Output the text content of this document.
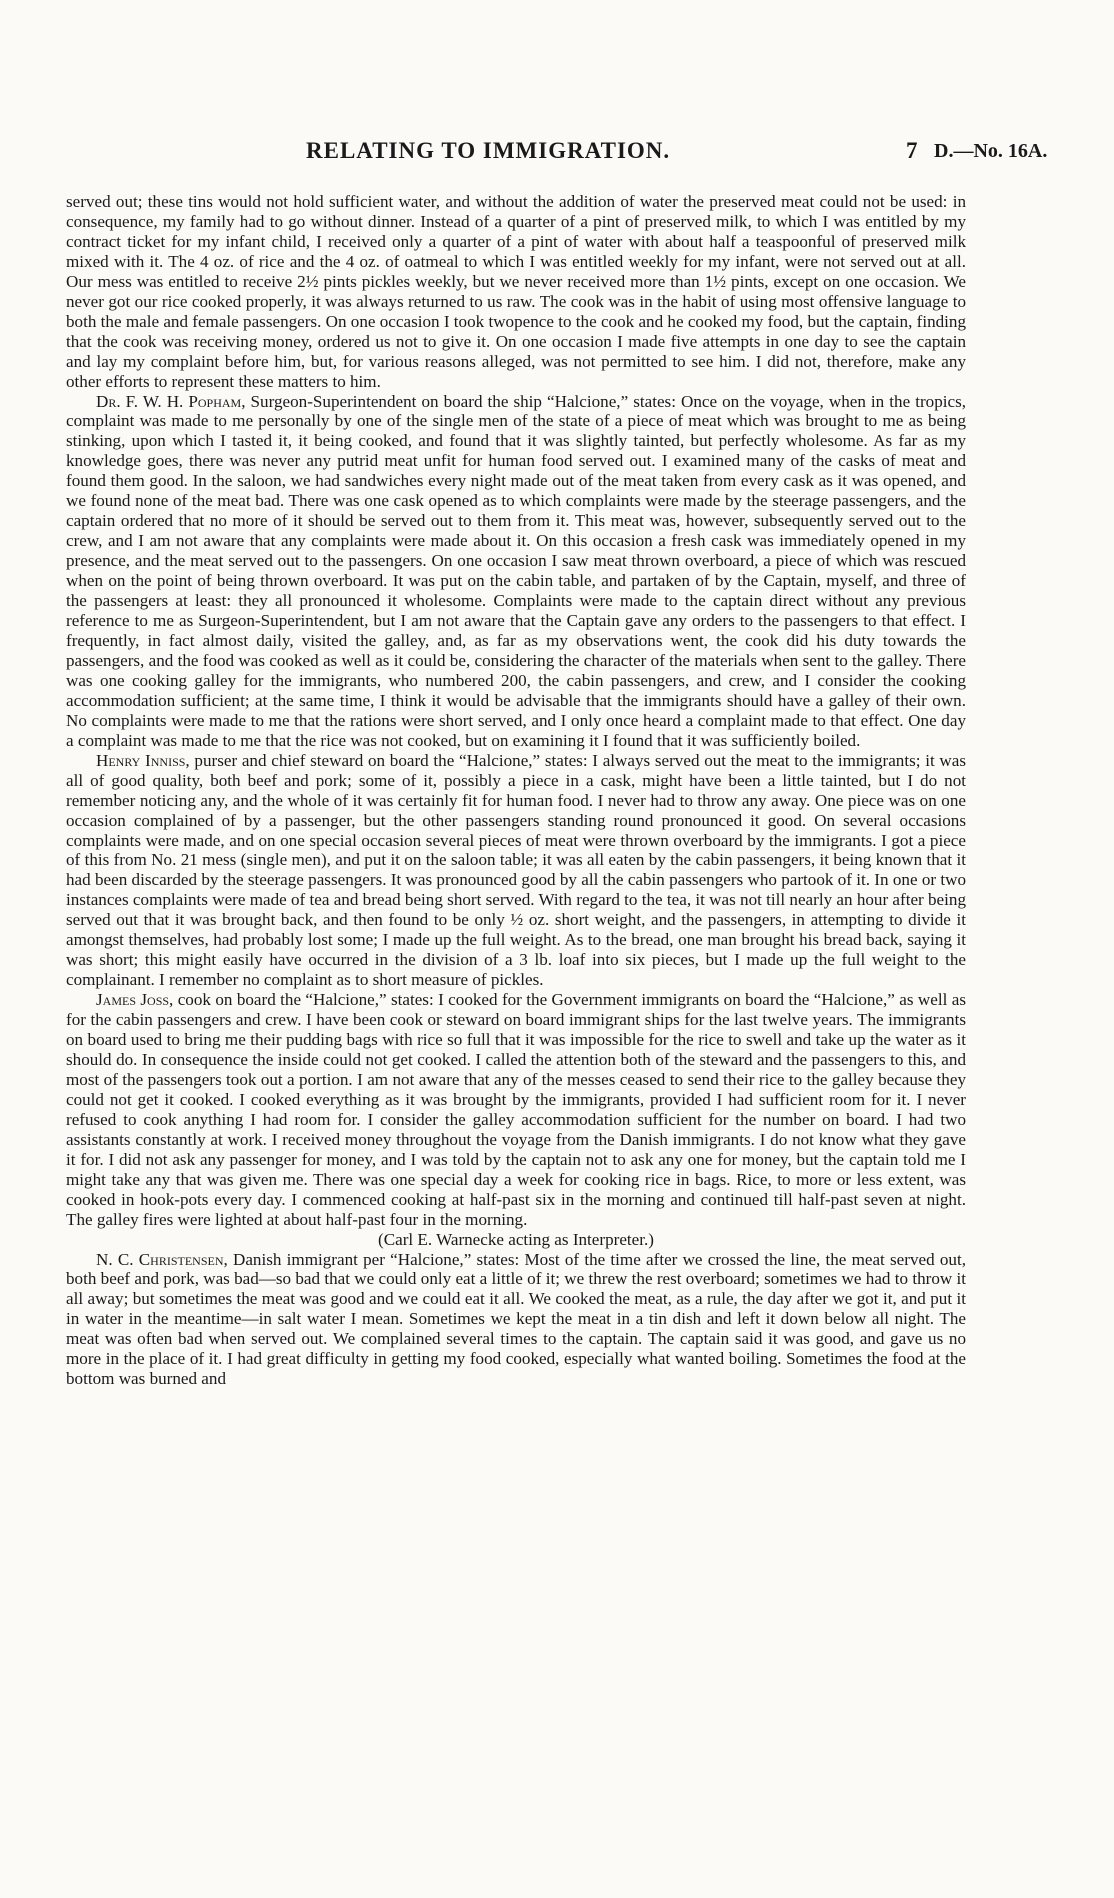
RELATING TO IMMIGRATION.	7 D.—No. 16A.

served out; these tins would not hold sufficient water, and without the addition of water the preserved meat could not be used: in consequence, my family had to go without dinner. Instead of a quarter of a pint of preserved milk, to which I was entitled by my contract ticket for my infant child, I received only a quarter of a pint of water with about half a teaspoonful of preserved milk mixed with it. The 4 oz. of rice and the 4 oz. of oatmeal to which I was entitled weekly for my infant, were not served out at all. Our mess was entitled to receive 2½ pints pickles weekly, but we never received more than 1½ pints, except on one occasion. We never got our rice cooked properly, it was always returned to us raw. The cook was in the habit of using most offensive language to both the male and female passengers. On one occasion I took twopence to the cook and he cooked my food, but the captain, finding that the cook was receiving money, ordered us not to give it. On one occasion I made five attempts in one day to see the captain and lay my complaint before him, but, for various reasons alleged, was not permitted to see him. I did not, therefore, make any other efforts to represent these matters to him.

Dr. F. W. H. Popham, Surgeon-Superintendent on board the ship “Halcione,” states: Once on the voyage, when in the tropics, complaint was made to me personally by one of the single men of the state of a piece of meat which was brought to me as being stinking, upon which I tasted it, it being cooked, and found that it was slightly tainted, but perfectly wholesome. As far as my knowledge goes, there was never any putrid meat unfit for human food served out. I examined many of the casks of meat and found them good. In the saloon, we had sandwiches every night made out of the meat taken from every cask as it was opened, and we found none of the meat bad. There was one cask opened as to which complaints were made by the steerage passengers, and the captain ordered that no more of it should be served out to them from it. This meat was, however, subsequently served out to the crew, and I am not aware that any complaints were made about it. On this occasion a fresh cask was immediately opened in my presence, and the meat served out to the passengers. On one occasion I saw meat thrown overboard, a piece of which was rescued when on the point of being thrown overboard. It was put on the cabin table, and partaken of by the Captain, myself, and three of the passengers at least: they all pronounced it wholesome. Complaints were made to the captain direct without any previous reference to me as Surgeon-Superintendent, but I am not aware that the Captain gave any orders to the passengers to that effect. I frequently, in fact almost daily, visited the galley, and, as far as my observations went, the cook did his duty towards the passengers, and the food was cooked as well as it could be, considering the character of the materials when sent to the galley. There was one cooking galley for the immigrants, who numbered 200, the cabin passengers, and crew, and I consider the cooking accommodation sufficient; at the same time, I think it would be advisable that the immigrants should have a galley of their own. No complaints were made to me that the rations were short served, and I only once heard a complaint made to that effect. One day a complaint was made to me that the rice was not cooked, but on examining it I found that it was sufficiently boiled.

Henry Inniss, purser and chief steward on board the “Halcione,” states: I always served out the meat to the immigrants; it was all of good quality, both beef and pork; some of it, possibly a piece in a cask, might have been a little tainted, but I do not remember noticing any, and the whole of it was certainly fit for human food. I never had to throw any away. One piece was on one occasion complained of by a passenger, but the other passengers standing round pronounced it good. On several occasions complaints were made, and on one special occasion several pieces of meat were thrown overboard by the immigrants. I got a piece of this from No. 21 mess (single men), and put it on the saloon table; it was all eaten by the cabin passengers, it being known that it had been discarded by the steerage passengers. It was pronounced good by all the cabin passengers who partook of it. In one or two instances complaints were made of tea and bread being short served. With regard to the tea, it was not till nearly an hour after being served out that it was brought back, and then found to be only ½ oz. short weight, and the passengers, in attempting to divide it amongst themselves, had probably lost some; I made up the full weight. As to the bread, one man brought his bread back, saying it was short; this might easily have occurred in the division of a 3 lb. loaf into six pieces, but I made up the full weight to the complainant. I remember no complaint as to short measure of pickles.

James Joss, cook on board the “Halcione,” states: I cooked for the Government immigrants on board the “Halcione,” as well as for the cabin passengers and crew. I have been cook or steward on board immigrant ships for the last twelve years. The immigrants on board used to bring me their pudding bags with rice so full that it was impossible for the rice to swell and take up the water as it should do. In consequence the inside could not get cooked. I called the attention both of the steward and the passengers to this, and most of the passengers took out a portion. I am not aware that any of the messes ceased to send their rice to the galley because they could not get it cooked. I cooked everything as it was brought by the immigrants, provided I had sufficient room for it. I never refused to cook anything I had room for. I consider the galley accommodation sufficient for the number on board. I had two assistants constantly at work. I received money throughout the voyage from the Danish immigrants. I do not know what they gave it for. I did not ask any passenger for money, and I was told by the captain not to ask any one for money, but the captain told me I might take any that was given me. There was one special day a week for cooking rice in bags. Rice, to more or less extent, was cooked in hook-pots every day. I commenced cooking at half-past six in the morning and continued till half-past seven at night. The galley fires were lighted at about half-past four in the morning.

(Carl E. Warnecke acting as Interpreter.)

N. C. Christensen, Danish immigrant per “Halcione,” states: Most of the time after we crossed the line, the meat served out, both beef and pork, was bad—so bad that we could only eat a little of it; we threw the rest overboard; sometimes we had to throw it all away; but sometimes the meat was good and we could eat it all. We cooked the meat, as a rule, the day after we got it, and put it in water in the meantime—in salt water I mean. Sometimes we kept the meat in a tin dish and left it down below all night. The meat was often bad when served out. We complained several times to the captain. The captain said it was good, and gave us no more in the place of it. I had great difficulty in getting my food cooked, especially what wanted boiling. Sometimes the food at the bottom was burned and
